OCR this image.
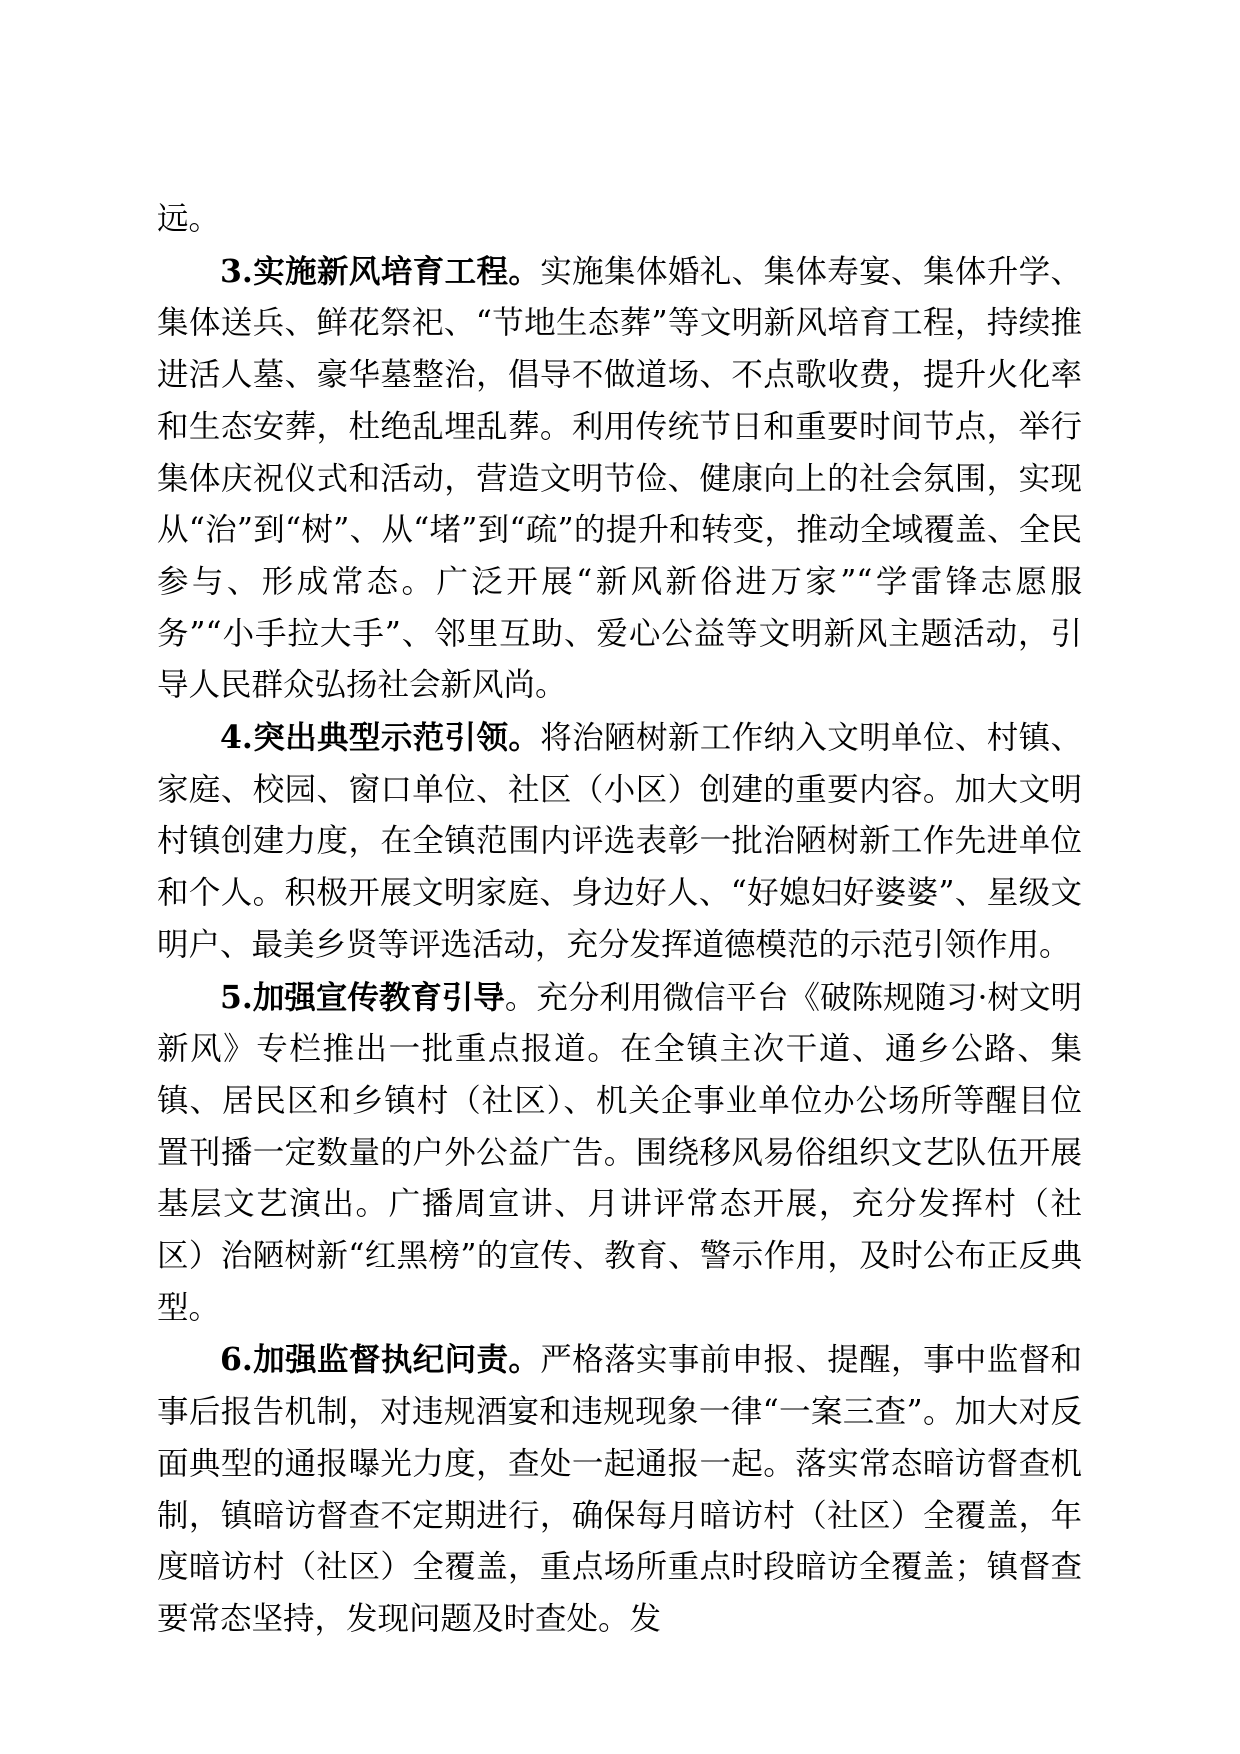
远。

3.实施新风培育工程。实施集体婚礼、集体寿宴、集体升学、集体送兵、鲜花祭祀、“节地生态葬”等文明新风培育工程，持续推进活人墓、豪华墓整治，倡导不做道场、不点歌收费，提升火化率和生态安葬，杜绝乱埋乱葬。利用传统节日和重要时间节点，举行集体庆祝仪式和活动，营造文明节俭、健康向上的社会氛围，实现从“治”到“树”、从“堵”到“疏”的提升和转变，推动全域覆盖、全民参与、形成常态。广泛开展“新风新俗进万家”“学雷锋志愿服务”“小手拉大手”、邻里互助、爱心公益等文明新风主题活动，引导人民群众弘扬社会新风尚。

4.突出典型示范引领。将治陋树新工作纳入文明单位、村镇、家庭、校园、窗口单位、社区（小区）创建的重要内容。加大文明村镇创建力度，在全镇范围内评选表彰一批治陋树新工作先进单位和个人。积极开展文明家庭、身边好人、“好媳妇好婆婆”、星级文明户、最美乡贤等评选活动，充分发挥道德模范的示范引领作用。

5.加强宣传教育引导。充分利用微信平台《破陈规随习·树文明新风》专栏推出一批重点报道。在全镇主次干道、通乡公路、集镇、居民区和乡镇村（社区）、机关企事业单位办公场所等醒目位置刊播一定数量的户外公益广告。围绕移风易俗组织文艺队伍开展基层文艺演出。广播周宣讲、月讲评常态开展，充分发挥村（社区）治陋树新“红黑榜”的宣传、教育、警示作用，及时公布正反典型。

6.加强监督执纪问责。严格落实事前申报、提醒，事中监督和事后报告机制，对违规酒宴和违规现象一律“一案三查”。加大对反面典型的通报曝光力度，查处一起通报一起。落实常态暗访督查机制，镇暗访督查不定期进行，确保每月暗访村（社区）全覆盖，年度暗访村（社区）全覆盖，重点场所重点时段暗访全覆盖；镇督查要常态坚持，发现问题及时查处。发
